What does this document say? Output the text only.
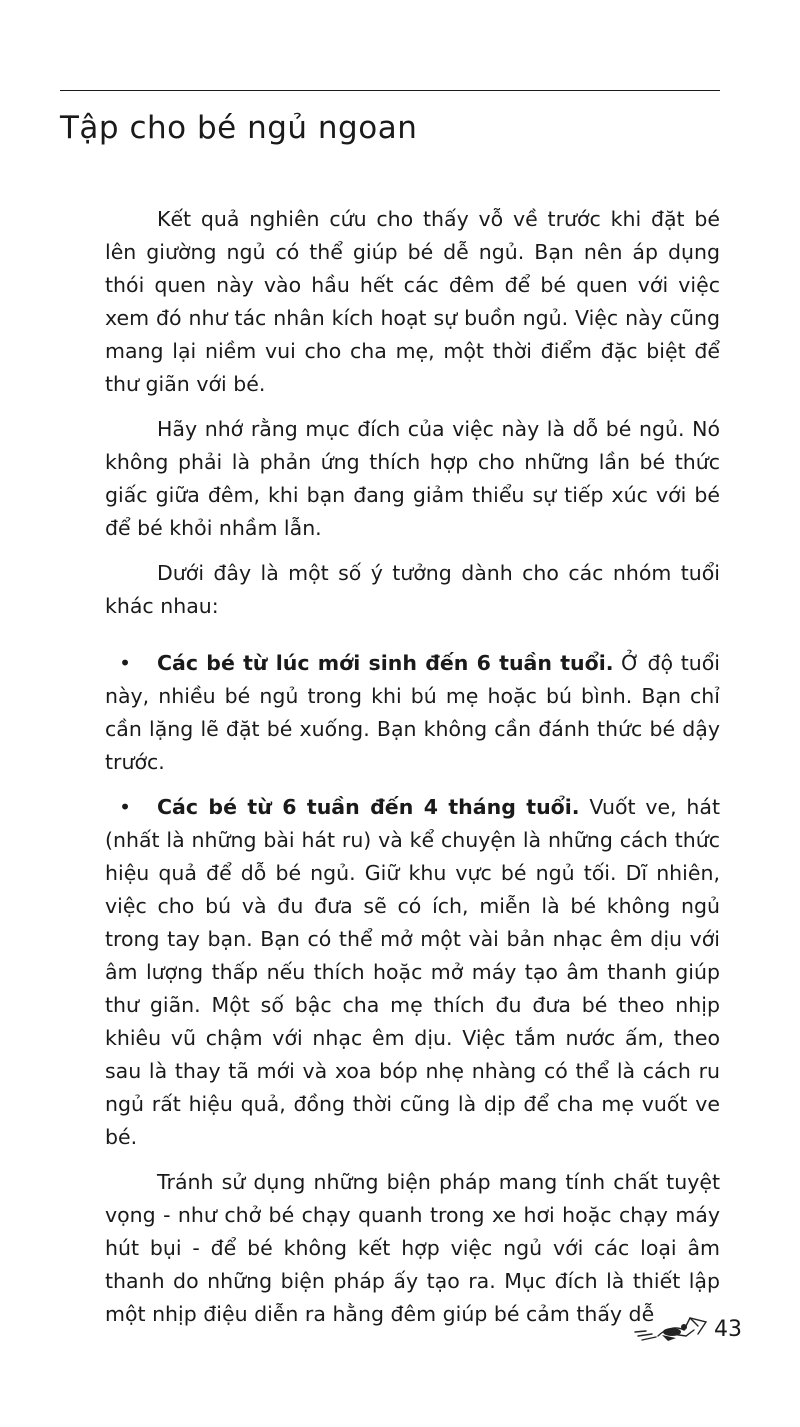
Tập cho bé ngủ ngoan

Kết quả nghiên cứu cho thấy vỗ về trước khi đặt bé lên giường ngủ có thể giúp bé dễ ngủ. Bạn nên áp dụng thói quen này vào hầu hết các đêm để bé quen với việc xem đó như tác nhân kích hoạt sự buồn ngủ. Việc này cũng mang lại niềm vui cho cha mẹ, một thời điểm đặc biệt để thư giãn với bé.

Hãy nhớ rằng mục đích của việc này là dỗ bé ngủ. Nó không phải là phản ứng thích hợp cho những lần bé thức giấc giữa đêm, khi bạn đang giảm thiểu sự tiếp xúc với bé để bé khỏi nhầm lẫn.

Dưới đây là một số ý tưởng dành cho các nhóm tuổi khác nhau:

• Các bé từ lúc mới sinh đến 6 tuần tuổi. Ở độ tuổi này, nhiều bé ngủ trong khi bú mẹ hoặc bú bình. Bạn chỉ cần lặng lẽ đặt bé xuống. Bạn không cần đánh thức bé dậy trước.

• Các bé từ 6 tuần đến 4 tháng tuổi. Vuốt ve, hát (nhất là những bài hát ru) và kể chuyện là những cách thức hiệu quả để dỗ bé ngủ. Giữ khu vực bé ngủ tối. Dĩ nhiên, việc cho bú và đu đưa sẽ có ích, miễn là bé không ngủ trong tay bạn. Bạn có thể mở một vài bản nhạc êm dịu với âm lượng thấp nếu thích hoặc mở máy tạo âm thanh giúp thư giãn. Một số bậc cha mẹ thích đu đưa bé theo nhịp khiêu vũ chậm với nhạc êm dịu. Việc tắm nước ấm, theo sau là thay tã mới và xoa bóp nhẹ nhàng có thể là cách ru ngủ rất hiệu quả, đồng thời cũng là dịp để cha mẹ vuốt ve bé.

Tránh sử dụng những biện pháp mang tính chất tuyệt vọng - như chở bé chạy quanh trong xe hơi hoặc chạy máy hút bụi - để bé không kết hợp việc ngủ với các loại âm thanh do những biện pháp ấy tạo ra. Mục đích là thiết lập một nhịp điệu diễn ra hằng đêm giúp bé cảm thấy dễ

43
